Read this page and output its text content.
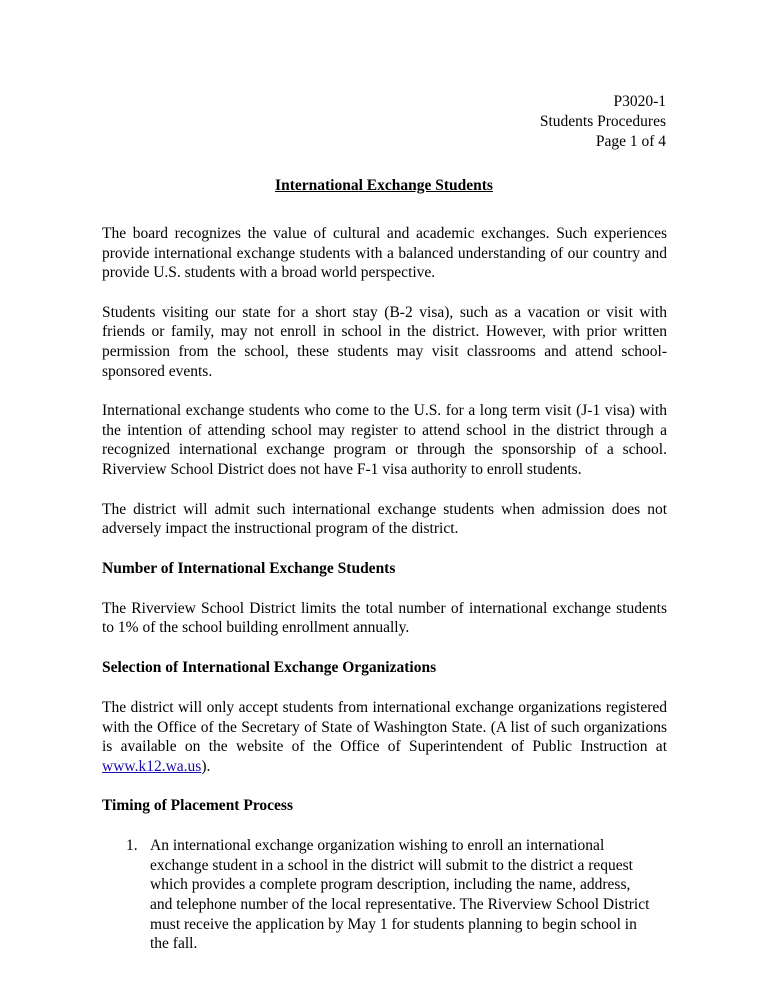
P3020-1
Students Procedures
Page 1 of 4
International Exchange Students

The board recognizes the value of cultural and academic exchanges. Such experiences provide international exchange students with a balanced understanding of our country and provide U.S. students with a broad world perspective.

Students visiting our state for a short stay (B-2 visa), such as a vacation or visit with friends or family, may not enroll in school in the district. However, with prior written permission from the school, these students may visit classrooms and attend school-sponsored events.

International exchange students who come to the U.S. for a long term visit (J-1 visa) with the intention of attending school may register to attend school in the district through a recognized international exchange program or through the sponsorship of a school. Riverview School District does not have F-1 visa authority to enroll students.

The district will admit such international exchange students when admission does not adversely impact the instructional program of the district.

Number of International Exchange Students

The Riverview School District limits the total number of international exchange students to 1% of the school building enrollment annually.

Selection of International Exchange Organizations

The district will only accept students from international exchange organizations registered with the Office of the Secretary of State of Washington State. (A list of such organizations is available on the website of the Office of Superintendent of Public Instruction at www.k12.wa.us).

Timing of Placement Process
1. An international exchange organization wishing to enroll an international exchange student in a school in the district will submit to the district a request which provides a complete program description, including the name, address, and telephone number of the local representative. The Riverview School District must receive the application by May 1 for students planning to begin school in the fall.
